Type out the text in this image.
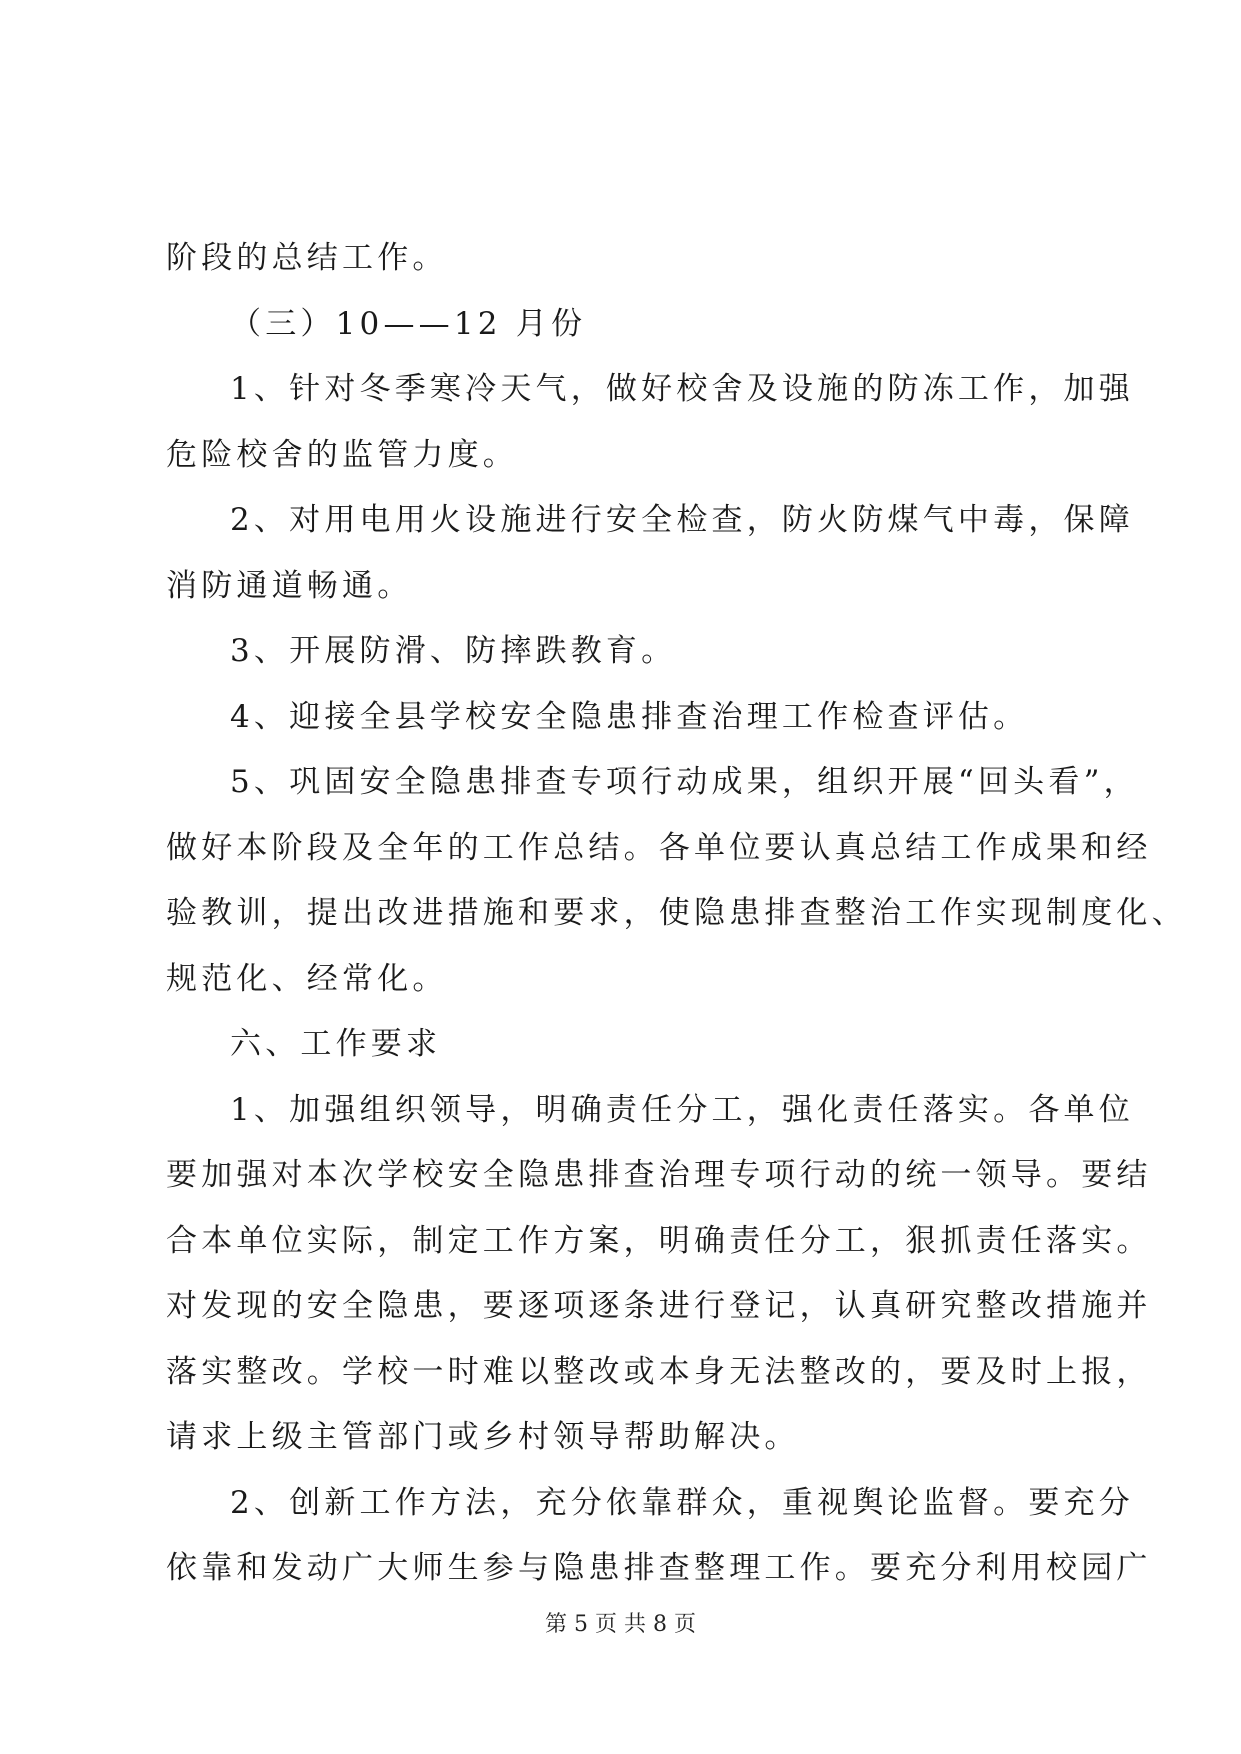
阶段的总结工作。
（三）10——12 月份
1、针对冬季寒冷天气，做好校舍及设施的防冻工作，加强
危险校舍的监管力度。
2、对用电用火设施进行安全检查，防火防煤气中毒，保障
消防通道畅通。
3、开展防滑、防摔跌教育。
4、迎接全县学校安全隐患排查治理工作检查评估。
5、巩固安全隐患排查专项行动成果，组织开展“回头看”，
做好本阶段及全年的工作总结。各单位要认真总结工作成果和经
验教训，提出改进措施和要求，使隐患排查整治工作实现制度化、
规范化、经常化。
六、工作要求
1、加强组织领导，明确责任分工，强化责任落实。各单位
要加强对本次学校安全隐患排查治理专项行动的统一领导。要结
合本单位实际，制定工作方案，明确责任分工，狠抓责任落实。
对发现的安全隐患，要逐项逐条进行登记，认真研究整改措施并
落实整改。学校一时难以整改或本身无法整改的，要及时上报，
请求上级主管部门或乡村领导帮助解决。
2、创新工作方法，充分依靠群众，重视舆论监督。要充分
依靠和发动广大师生参与隐患排查整理工作。要充分利用校园广
第 5 页 共 8 页
